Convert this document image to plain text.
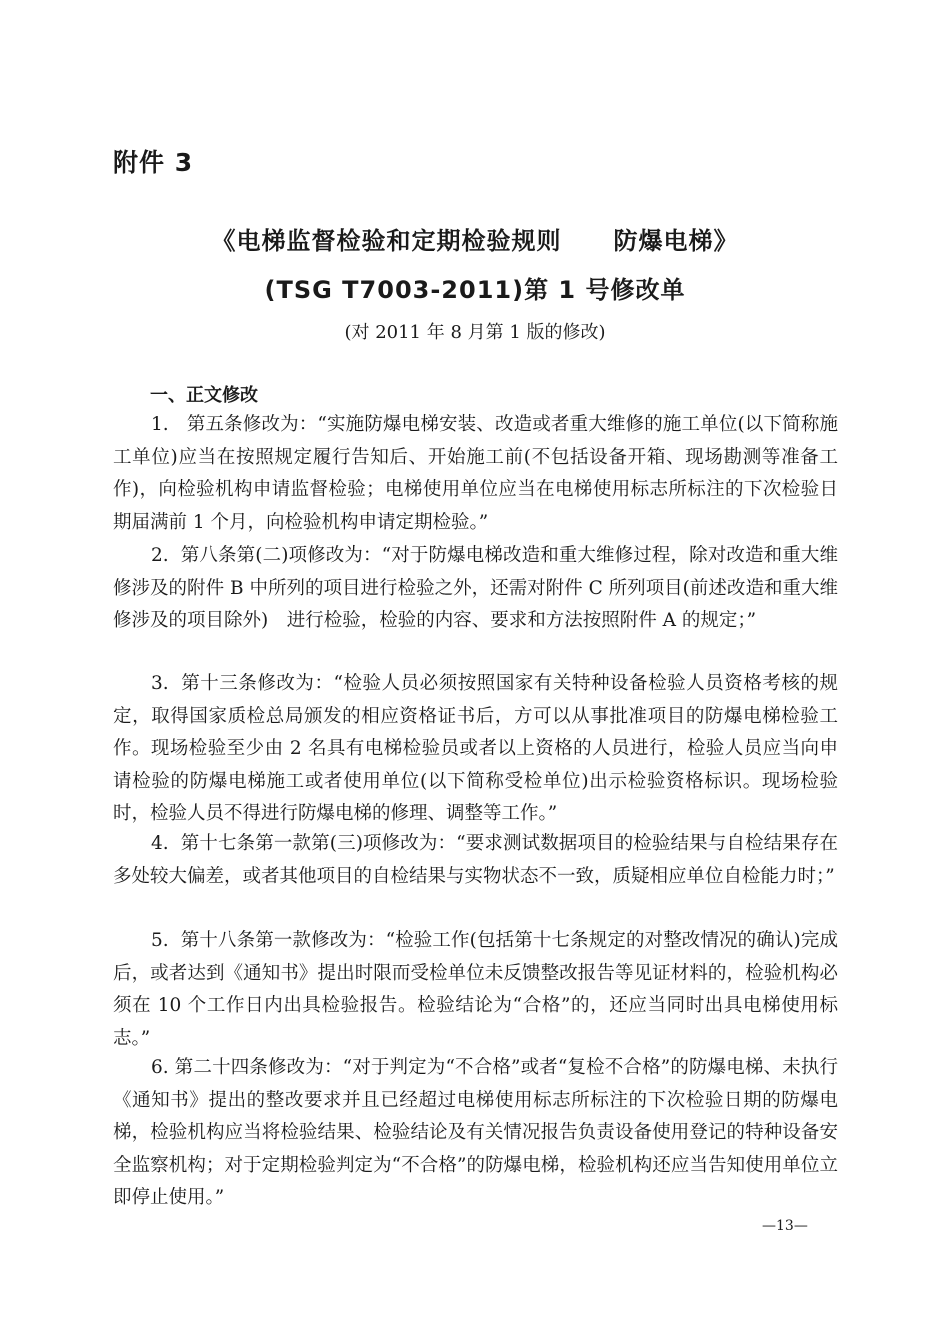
附件 3

《电梯监督检验和定期检验规则 防爆电梯》

(TSG T7003-2011)第 1 号修改单

(对 2011 年 8 月第 1 版的修改)

一、正文修改

1. 第五条修改为：“实施防爆电梯安装、改造或者重大维修的施工单位(以下简称施工单位)应当在按照规定履行告知后、开始施工前(不包括设备开箱、现场勘测等准备工作)，向检验机构申请监督检验；电梯使用单位应当在电梯使用标志所标注的下次检验日期届满前 1 个月，向检验机构申请定期检验。”

2. 第八条第(二)项修改为：“对于防爆电梯改造和重大维修过程，除对改造和重大维修涉及的附件 B 中所列的项目进行检验之外，还需对附件 C 所列项目(前述改造和重大维修涉及的项目除外)　进行检验，检验的内容、要求和方法按照附件 A 的规定；”

3. 第十三条修改为：“检验人员必须按照国家有关特种设备检验人员资格考核的规定，取得国家质检总局颁发的相应资格证书后，方可以从事批准项目的防爆电梯检验工作。现场检验至少由 2 名具有电梯检验员或者以上资格的人员进行，检验人员应当向申请检验的防爆电梯施工或者使用单位(以下简称受检单位)出示检验资格标识。现场检验时，检验人员不得进行防爆电梯的修理、调整等工作。”

4. 第十七条第一款第(三)项修改为：“要求测试数据项目的检验结果与自检结果存在多处较大偏差，或者其他项目的自检结果与实物状态不一致，质疑相应单位自检能力时；”

5. 第十八条第一款修改为：“检验工作(包括第十七条规定的对整改情况的确认)完成后，或者达到《通知书》提出时限而受检单位未反馈整改报告等见证材料的，检验机构必须在 10 个工作日内出具检验报告。检验结论为“合格”的，还应当同时出具电梯使用标志。”

6. 第二十四条修改为：“对于判定为“不合格”或者“复检不合格”的防爆电梯、未执行《通知书》提出的整改要求并且已经超过电梯使用标志所标注的下次检验日期的防爆电梯，检验机构应当将检验结果、检验结论及有关情况报告负责设备使用登记的特种设备安全监察机构；对于定期检验判定为“不合格”的防爆电梯，检验机构还应当告知使用单位立即停止使用。”

—13—
